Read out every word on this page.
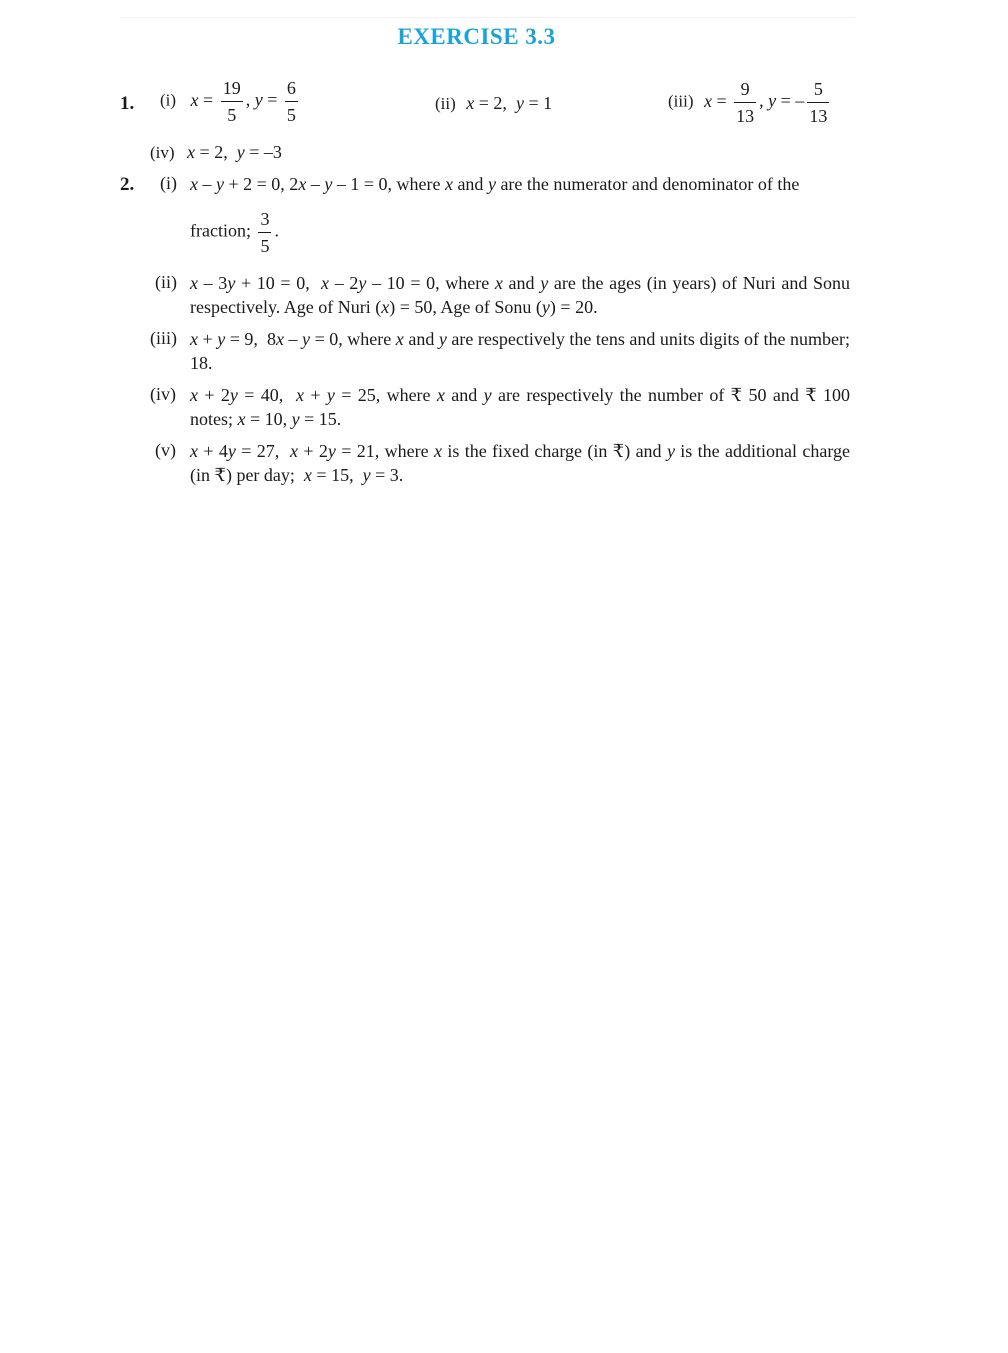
EXERCISE 3.3
1. (i) $x = \frac{19}{5}$ , $y = \frac{6}{5}$	(ii) x = 2,  y = 1	(iii) $x = \frac{9}{13}$ , y = – $\frac{5}{13}$
(iv) x = 2,  y = –3
2. (i) x – y + 2 = 0, 2x – y – 1 = 0, where x and y are the numerator and denominator of the
fraction; $\frac{3}{5}$ .
(ii) x – 3y + 10 = 0,  x – 2y – 10 = 0, where x and y are the ages (in years) of Nuri and Sonu respectively. Age of Nuri (x) = 50, Age of Sonu (y) = 20.
(iii) x + y = 9,  8x – y = 0, where x and y are respectively the tens and units digits of the number; 18.
(iv) x + 2y = 40,  x + y = 25, where x and y are respectively the number of ₹ 50 and ₹ 100 notes; x = 10, y = 15.
(v) x + 4y = 27,  x + 2y = 21, where x is the fixed charge (in ₹) and y is the additional charge (in ₹) per day;  x = 15,  y = 3.
